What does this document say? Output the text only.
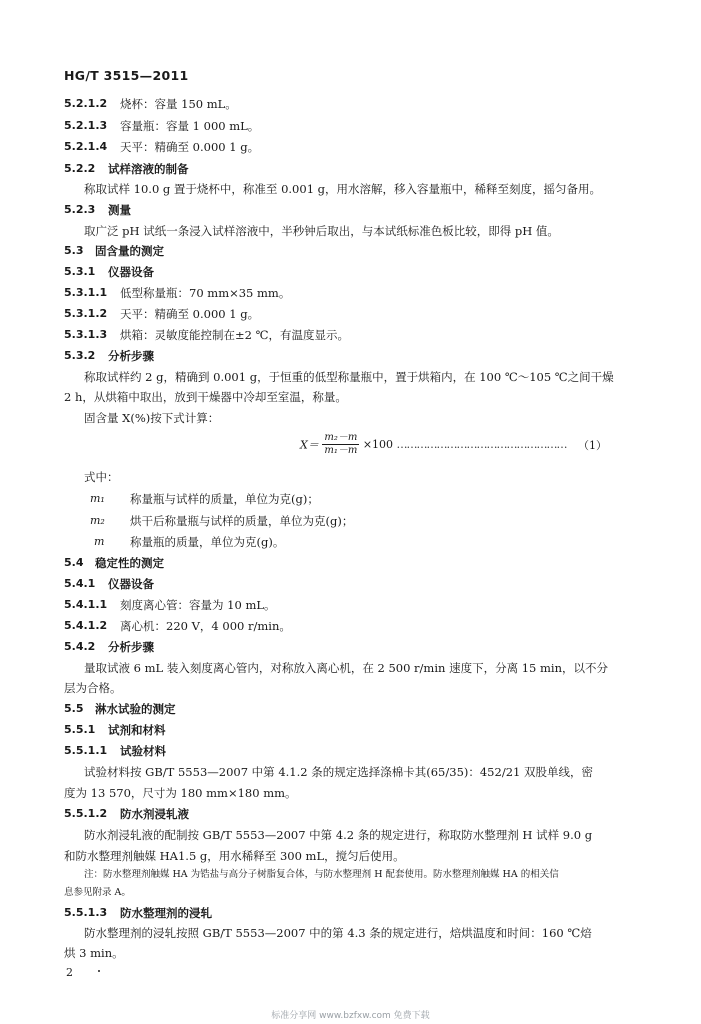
HG/T 3515—2011
5.2.1.2 烧杯：容量 150 mL。
5.2.1.3 容量瓶：容量 1 000 mL。
5.2.1.4 天平：精确至 0.000 1 g。
5.2.2 试样溶液的制备
称取试样 10.0 g 置于烧杯中，称准至 0.001 g，用水溶解，移入容量瓶中，稀释至刻度，摇匀备用。
5.2.3 测量
取广泛 pH 试纸一条浸入试样溶液中，半秒钟后取出，与本试纸标准色板比较，即得 pH 值。
5.3 固含量的测定
5.3.1 仪器设备
5.3.1.1 低型称量瓶：70 mm×35 mm。
5.3.1.2 天平：精确至 0.000 1 g。
5.3.1.3 烘箱：灵敏度能控制在±2 ℃，有温度显示。
5.3.2 分析步骤
称取试样约 2 g，精确到 0.001 g，于恒重的低型称量瓶中，置于烘箱内，在 100 ℃～105 ℃之间干燥
2 h，从烘箱中取出，放到干燥器中冷却至室温，称量。
固含量 X(%)按下式计算：
$X= \frac{\text{m₂－m}}{\text{m₁－m}} \times 100$ …………………………………………… （1）
式中：
m₁ 称量瓶与试样的质量，单位为克(g)；
m₂ 烘干后称量瓶与试样的质量，单位为克(g)；
m 称量瓶的质量，单位为克(g)。
5.4 稳定性的测定
5.4.1 仪器设备
5.4.1.1 刻度离心管：容量为 10 mL。
5.4.1.2 离心机：220 V，4 000 r/min。
5.4.2 分析步骤
量取试液 6 mL 装入刻度离心管内，对称放入离心机，在 2 500 r/min 速度下，分离 15 min，以不分
层为合格。
5.5 淋水试验的测定
5.5.1 试剂和材料
5.5.1.1 试验材料
试验材料按 GB/T 5553—2007 中第 4.1.2 条的规定选择涤棉卡其(65/35)：452/21 双股单线，密
度为 13 570，尺寸为 180 mm×180 mm。
5.5.1.2 防水剂浸轧液
防水剂浸轧液的配制按 GB/T 5553—2007 中第 4.2 条的规定进行，称取防水整理剂 H 试样 9.0 g
和防水整理剂触媒 HA1.5 g，用水稀释至 300 mL，搅匀后使用。
注：防水整理剂触媒 HA 为锆盐与高分子树脂复合体，与防水整理剂 H 配套使用。防水整理剂触媒 HA 的相关信
息参见附录 A。
5.5.1.3 防水整理剂的浸轧
防水整理剂的浸轧按照 GB/T 5553—2007 中的第 4.3 条的规定进行，焙烘温度和时间：160 ℃焙
烘 3 min。
2
标准分享网 www.bzfxw.com 免费下载
